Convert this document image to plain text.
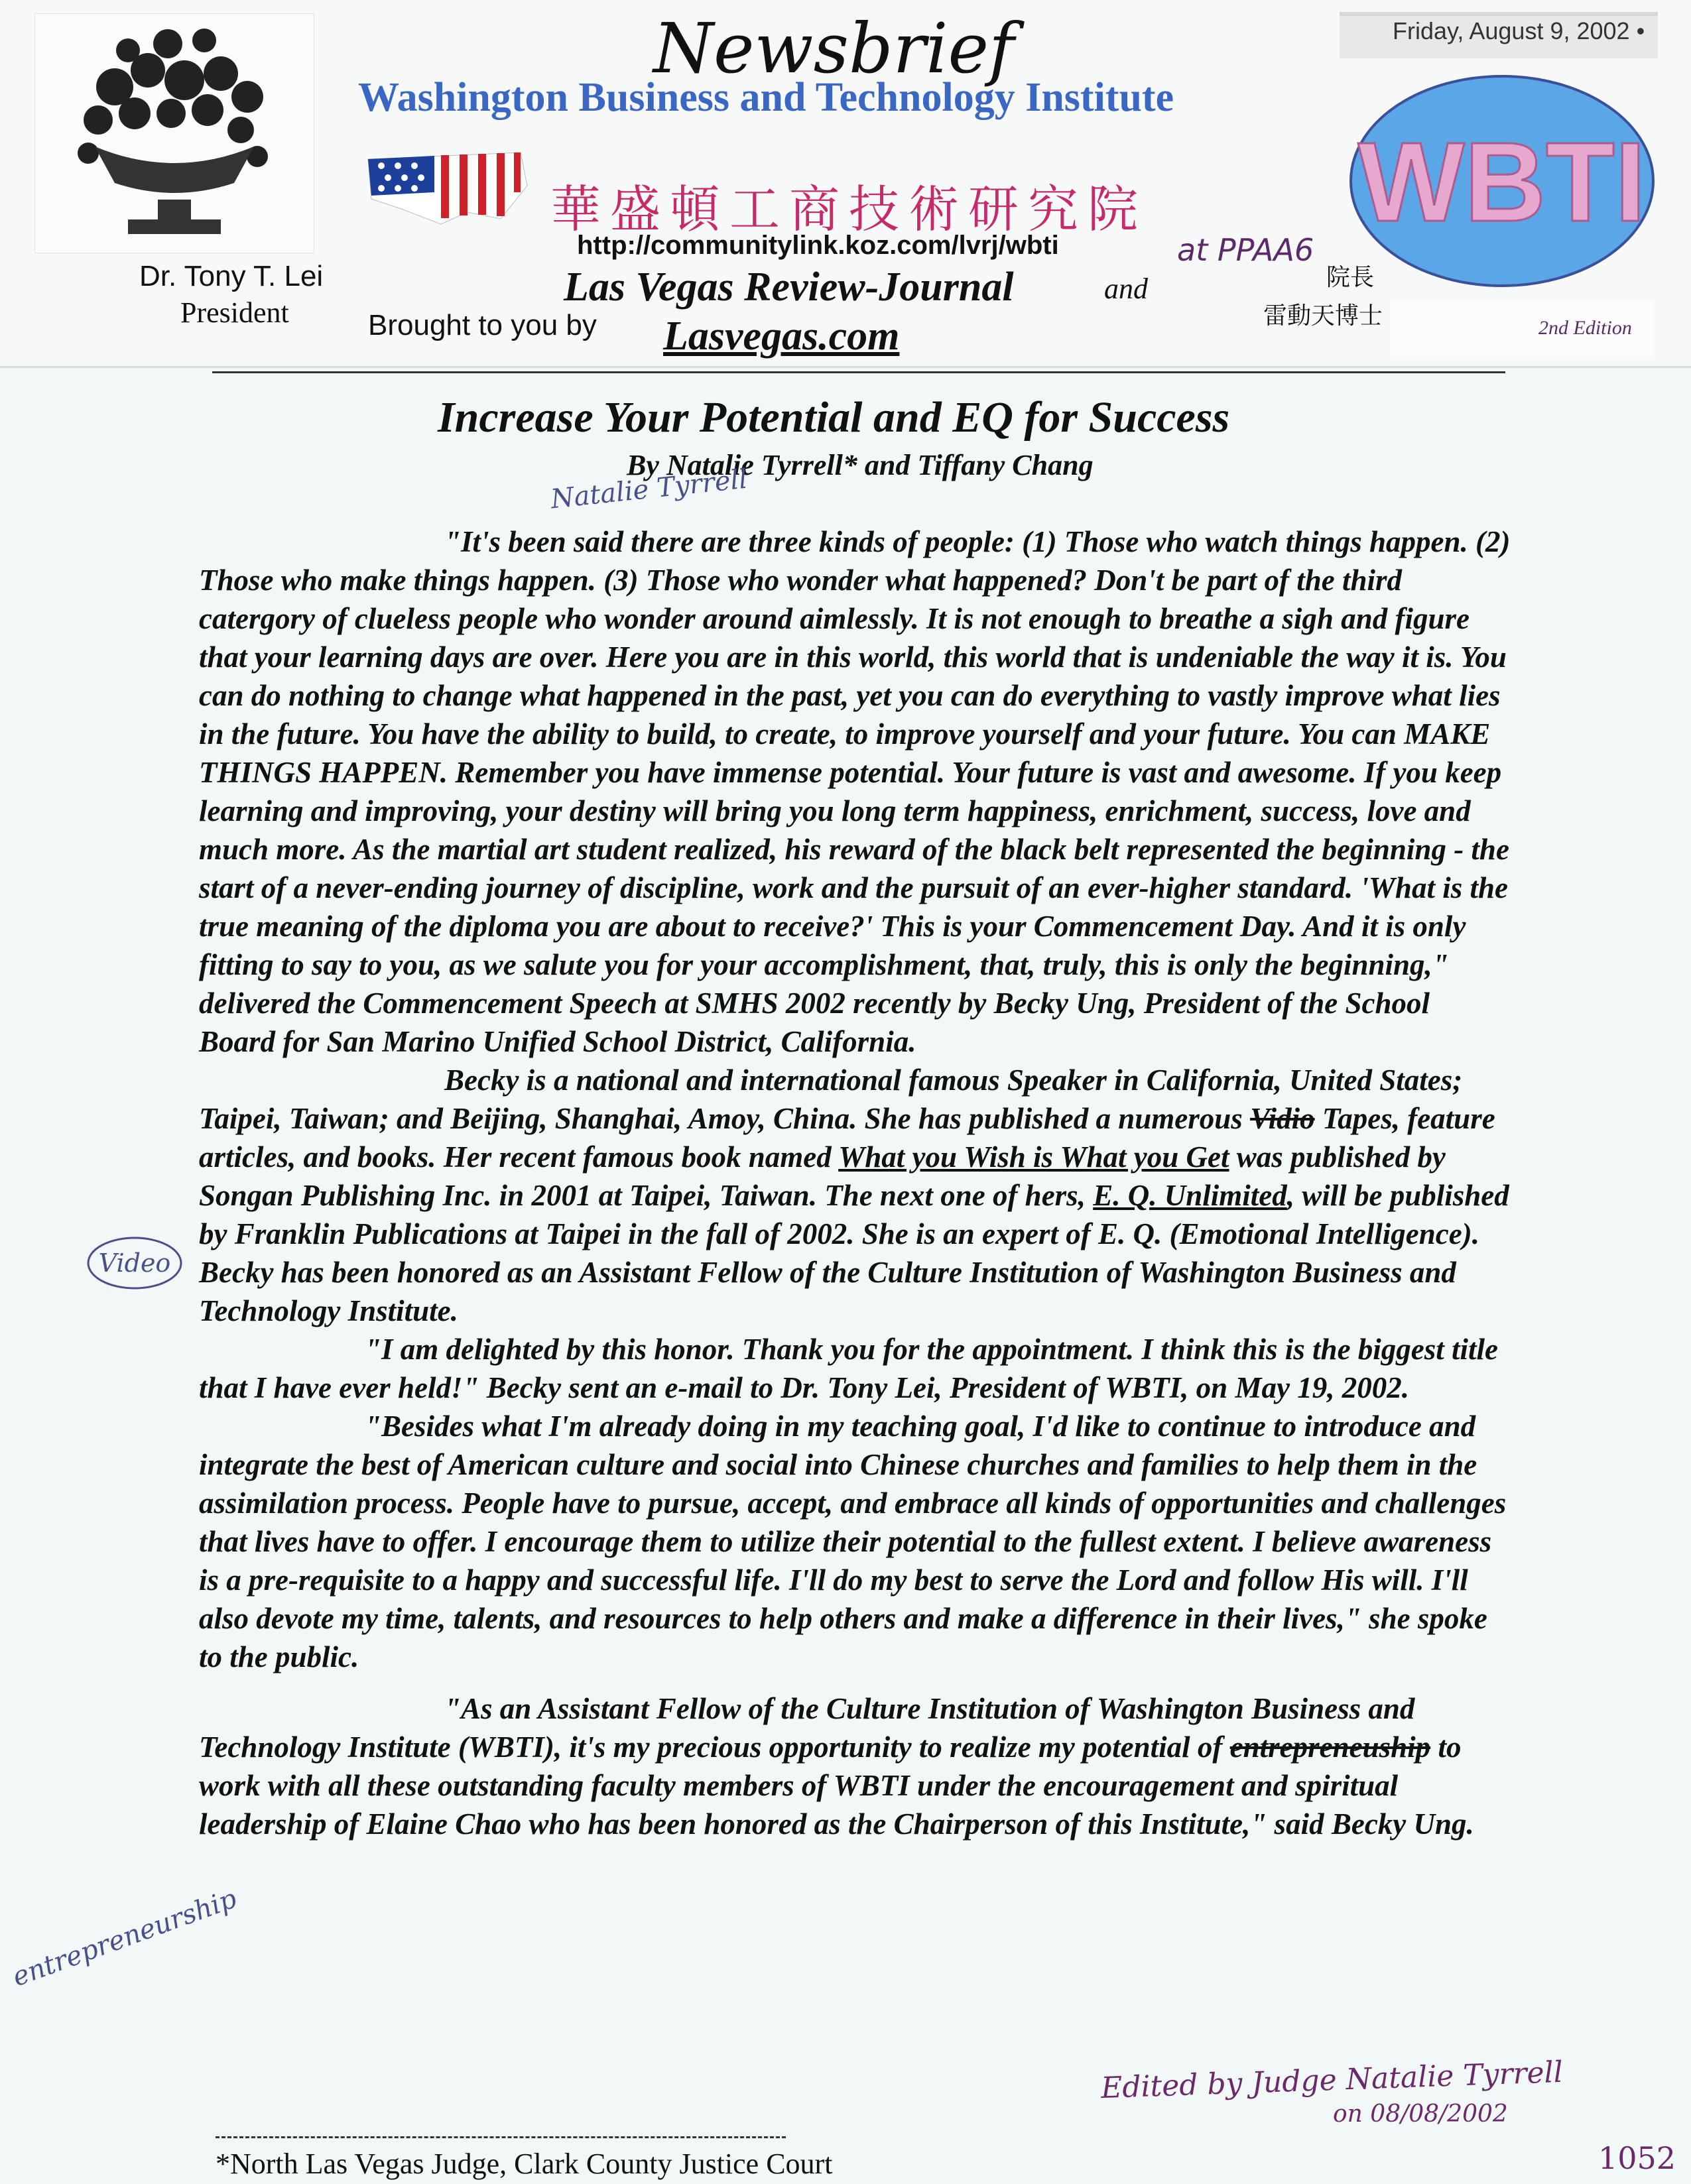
Dr. Tony T. Lei
President
Newsbrief
Washington Business and Technology Institute
華盛頓工商技術研究院
http://communitylink.koz.com/lvrj/wbti
Las Vegas Review-Journal	and
Brought to you by Lasvegas.com
Friday, August 9, 2002 •
WBTI
at PPAA6
院長
雷動天博士	2nd Edition
Increase Your Potential and EQ for Success
By Natalie Tyrrell* and Tiffany Chang
Natalie Tyrrell

"It's been said there are three kinds of people: (1) Those who watch things happen. (2) Those who make things happen. (3) Those who wonder what happened? Don't be part of the third catergory of clueless people who wonder around aimlessly. It is not enough to breathe a sigh and figure that your learning days are over. Here you are in this world, this world that is undeniable the way it is. You can do nothing to change what happened in the past, yet you can do everything to vastly improve what lies in the future. You have the ability to build, to create, to improve yourself and your future. You can MAKE THINGS HAPPEN. Remember you have immense potential. Your future is vast and awesome. If you keep learning and improving, your destiny will bring you long term happiness, enrichment, success, love and much more. As the martial art student realized, his reward of the black belt represented the beginning - the start of a never-ending journey of discipline, work and the pursuit of an ever-higher standard. 'What is the true meaning of the diploma you are about to receive?' This is your Commencement Day. And it is only fitting to say to you, as we salute you for your accomplishment, that, truly, this is only the beginning," delivered the Commencement Speech at SMHS 2002 recently by Becky Ung, President of the School Board for San Marino Unified School District, California.

Becky is a national and international famous Speaker in California, United States; Taipei, Taiwan; and Beijing, Shanghai, Amoy, China. She has published a numerous Vidio Tapes, feature articles, and books. Her recent famous book named What you Wish is What you Get was published by Songan Publishing Inc. in 2001 at Taipei, Taiwan. The next one of hers, E. Q. Unlimited, will be published by Franklin Publications at Taipei in the fall of 2002. She is an expert of E. Q. (Emotional Intelligence). Becky has been honored as an Assistant Fellow of the Culture Institution of Washington Business and Technology Institute.

"I am delighted by this honor. Thank you for the appointment. I think this is the biggest title that I have ever held!" Becky sent an e-mail to Dr. Tony Lei, President of WBTI, on May 19, 2002.

"Besides what I'm already doing in my teaching goal, I'd like to continue to introduce and integrate the best of American culture and social into Chinese churches and families to help them in the assimilation process. People have to pursue, accept, and embrace all kinds of opportunities and challenges that lives have to offer. I encourage them to utilize their potential to the fullest extent. I believe awareness is a pre-requisite to a happy and successful life. I'll do my best to serve the Lord and follow His will. I'll also devote my time, talents, and resources to help others and make a difference in their lives," she spoke to the public.

"As an Assistant Fellow of the Culture Institution of Washington Business and Technology Institute (WBTI), it's my precious opportunity to realize my potential of entrepreneuship to work with all these outstanding faculty members of WBTI under the encouragement and spiritual leadership of Elaine Chao who has been honored as the Chairperson of this Institute," said Becky Ung.

Video
entrepreneurship
Edited by Judge Natalie Tyrrell
on 08/08/2002
1052
*North Las Vegas Judge, Clark County Justice Court
